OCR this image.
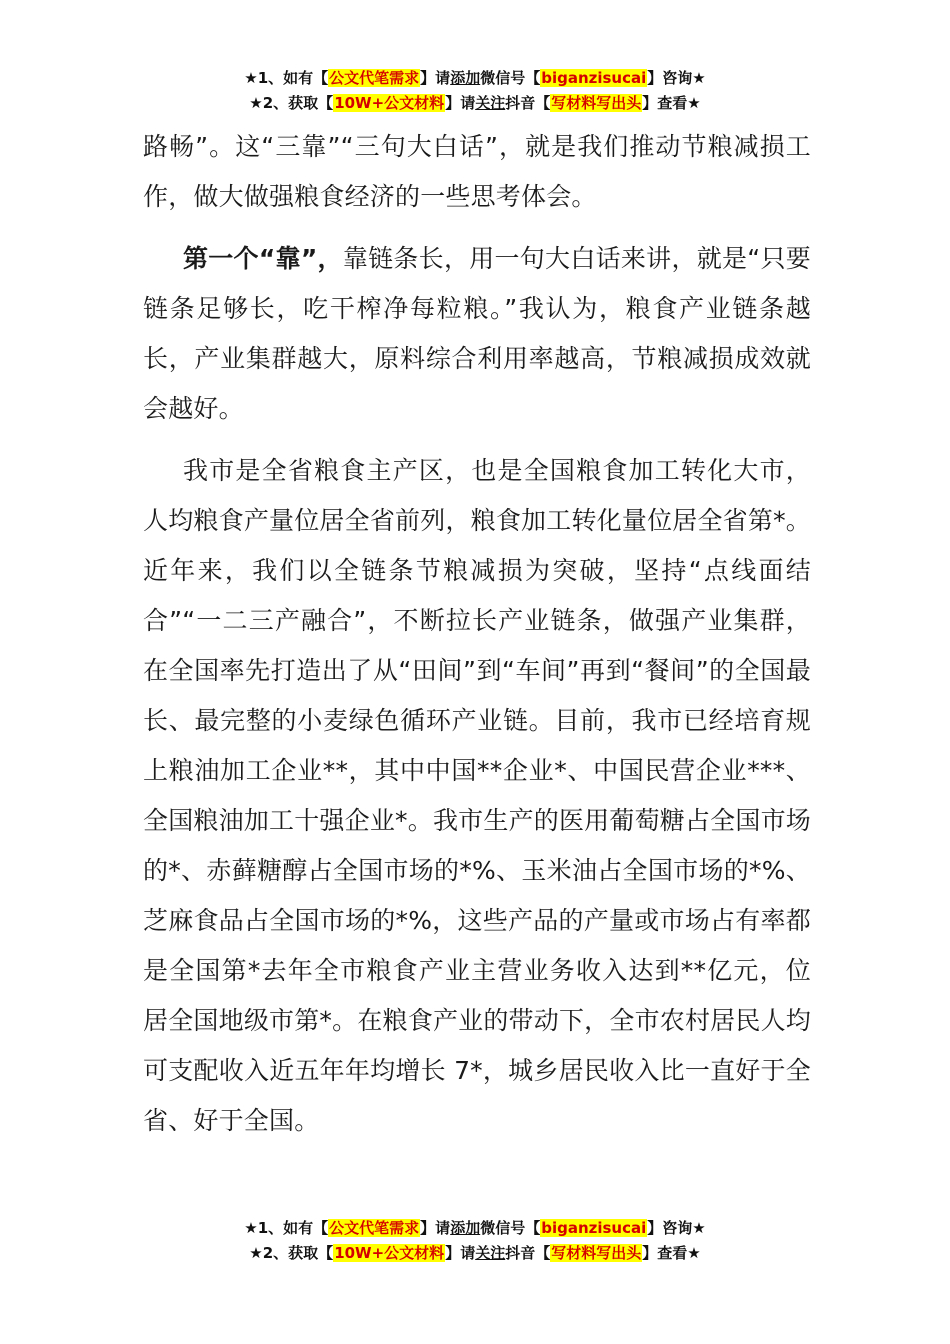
★1、如有【公文代笔需求】请添加微信号【biganzisucai】咨询★
★2、获取【10W+公文材料】请关注抖音【写材料写出头】查看★

路畅”。这“三靠”“三句大白话”，就是我们推动节粮减损工作，做大做强粮食经济的一些思考体会。

第一个“靠”，靠链条长，用一句大白话来讲，就是“只要链条足够长，吃干榨净每粒粮。”我认为，粮食产业链条越长，产业集群越大，原料综合利用率越高，节粮减损成效就会越好。

我市是全省粮食主产区，也是全国粮食加工转化大市，人均粮食产量位居全省前列，粮食加工转化量位居全省第*。近年来，我们以全链条节粮减损为突破，坚持“点线面结合”“一二三产融合”，不断拉长产业链条，做强产业集群，在全国率先打造出了从“田间”到“车间”再到“餐间”的全国最长、最完整的小麦绿色循环产业链。目前，我市已经培育规上粮油加工企业**，其中中国**企业*、中国民营企业***、全国粮油加工十强企业*。我市生产的医用葡萄糖占全国市场的*、赤藓糖醇占全国市场的*%、玉米油占全国市场的*%、芝麻食品占全国市场的*%，这些产品的产量或市场占有率都是全国第*去年全市粮食产业主营业务收入达到**亿元，位居全国地级市第*。在粮食产业的带动下，全市农村居民人均可支配收入近五年年均增长 7*，城乡居民收入比一直好于全省、好于全国。

★1、如有【公文代笔需求】请添加微信号【biganzisucai】咨询★
★2、获取【10W+公文材料】请关注抖音【写材料写出头】查看★
